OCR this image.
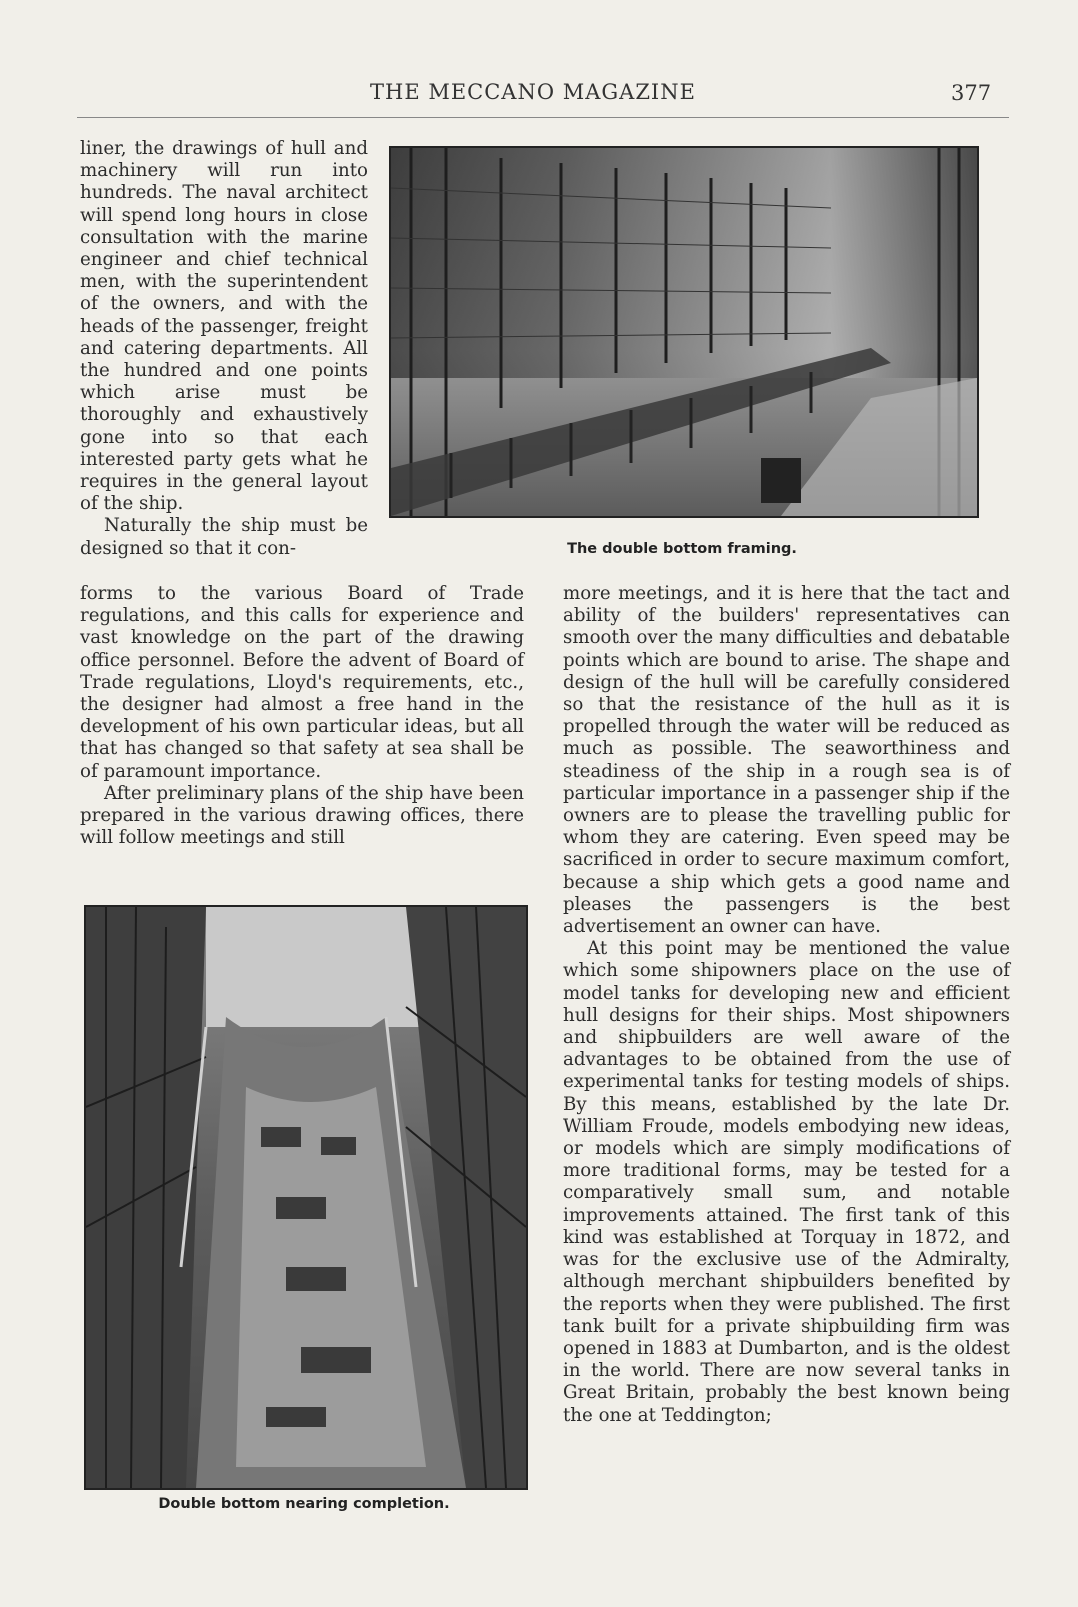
THE MECCANO MAGAZINE	377

liner, the drawings of hull and machinery will run into hundreds. The naval architect will spend long hours in close consultation with the marine engineer and chief technical men, with the superintendent of the owners, and with the heads of the passenger, freight and catering departments. All the hundred and one points which arise must be thoroughly and exhaustively gone into so that each interested party gets what he requires in the general layout of the ship.

Naturally the ship must be designed so that it con-	The double bottom framing.

forms to the various Board of Trade regulations, and this calls for experience and vast knowledge on the part of the drawing office personnel. Before the advent of Board of Trade regulations, Lloyd's requirements, etc., the designer had almost a free hand in the development of his own particular ideas, but all that has changed so that safety at sea shall be of paramount importance.

After preliminary plans of the ship have been prepared in the various drawing offices, there will follow meetings and still

Double bottom nearing completion.

more meetings, and it is here that the tact and ability of the builders' representatives can smooth over the many difficulties and debatable points which are bound to arise. The shape and design of the hull will be carefully considered so that the resistance of the hull as it is propelled through the water will be reduced as much as possible. The seaworthiness and steadiness of the ship in a rough sea is of particular importance in a passenger ship if the owners are to please the travelling public for whom they are catering. Even speed may be sacrificed in order to secure maximum comfort, because a ship which gets a good name and pleases the passengers is the best advertisement an owner can have.

At this point may be mentioned the value which some shipowners place on the use of model tanks for developing new and efficient hull designs for their ships. Most shipowners and shipbuilders are well aware of the advantages to be obtained from the use of experimental tanks for testing models of ships. By this means, established by the late Dr. William Froude, models embodying new ideas, or models which are simply modifications of more traditional forms, may be tested for a comparatively small sum, and notable improvements attained. The first tank of this kind was established at Torquay in 1872, and was for the exclusive use of the Admiralty, although merchant shipbuilders benefited by the reports when they were published. The first tank built for a private shipbuilding firm was opened in 1883 at Dumbarton, and is the oldest in the world. There are now several tanks in Great Britain, probably the best known being the one at Teddington;
